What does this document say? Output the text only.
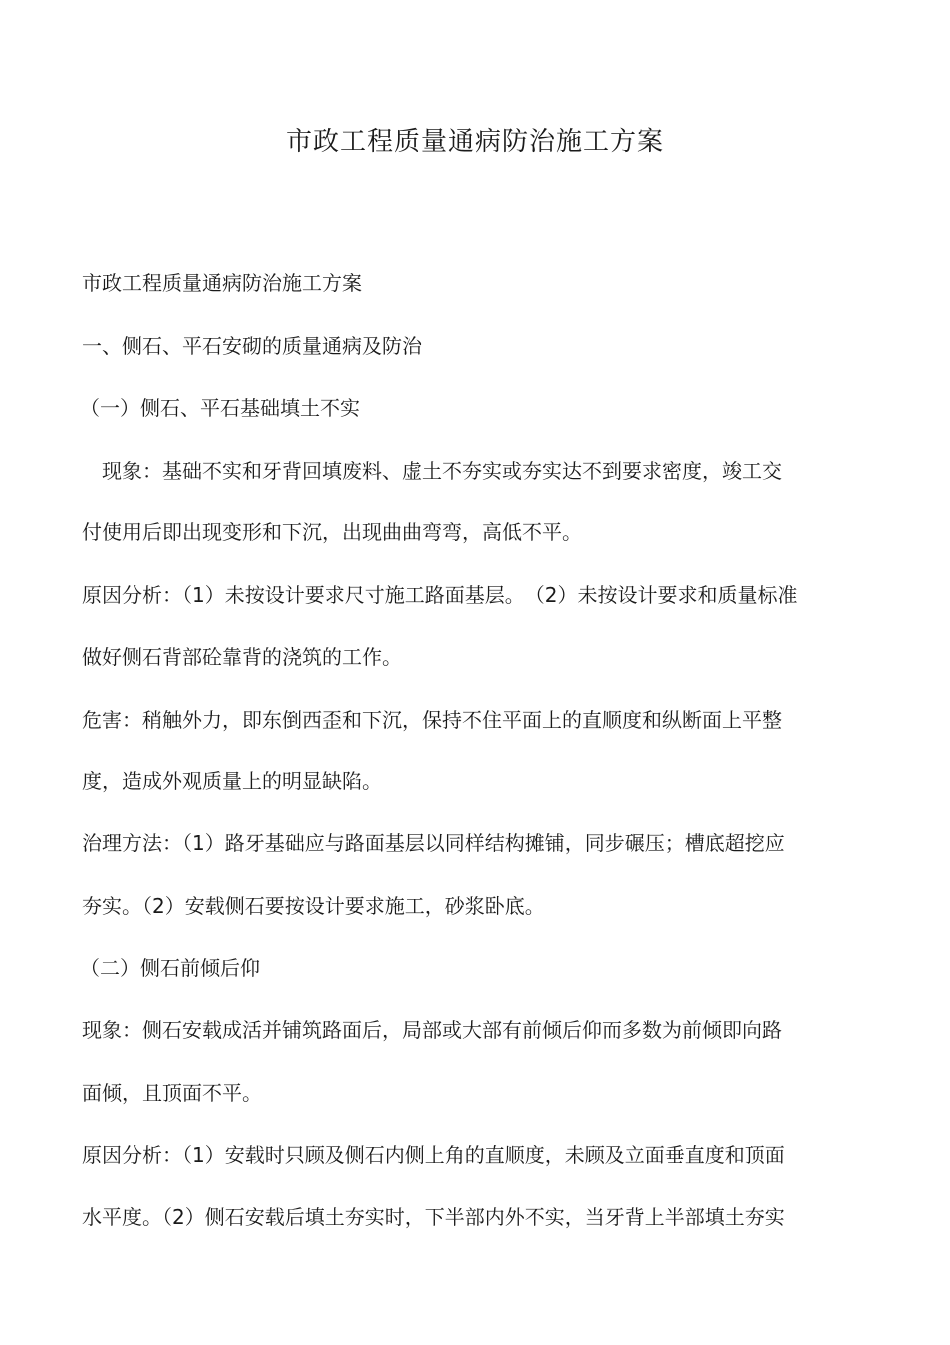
市政工程质量通病防治施工方案
市政工程质量通病防治施工方案
一、侧石、平石安砌的质量通病及防治
（一）侧石、平石基础填土不实
　现象：基础不实和牙背回填废料、虚土不夯实或夯实达不到要求密度，竣工交
付使用后即出现变形和下沉，出现曲曲弯弯，高低不平。
原因分析：（1）未按设计要求尺寸施工路面基层。　（2）未按设计要求和质量标准
做好侧石背部砼靠背的浇筑的工作。
危害：稍触外力，即东倒西歪和下沉，保持不住平面上的直顺度和纵断面上平整
度，造成外观质量上的明显缺陷。
治理方法：（1）路牙基础应与路面基层以同样结构摊铺，同步碾压；槽底超挖应
夯实。（2）安载侧石要按设计要求施工，砂浆卧底。
（二）侧石前倾后仰
现象：侧石安载成活并铺筑路面后，局部或大部有前倾后仰而多数为前倾即向路
面倾，且顶面不平。
原因分析：（1）安载时只顾及侧石内侧上角的直顺度，未顾及立面垂直度和顶面
水平度。（2）侧石安载后填土夯实时，下半部内外不实，当牙背上半部填土夯实
